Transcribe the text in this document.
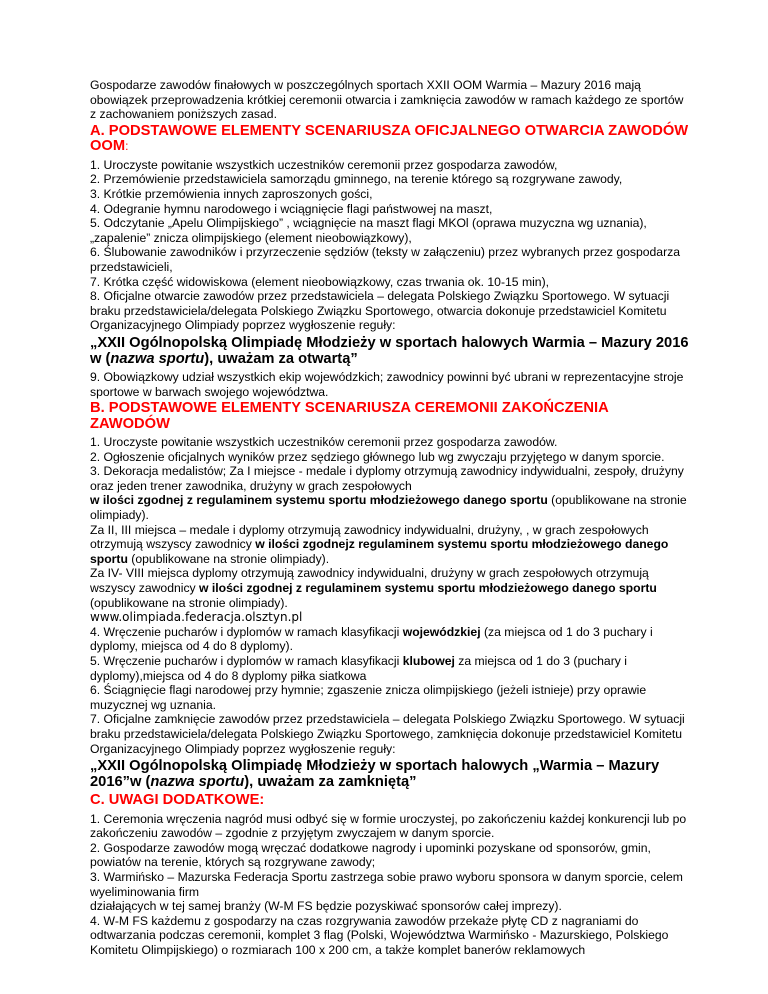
Gospodarze zawodów finałowych w poszczególnych sportach XXII OOM Warmia – Mazury 2016 mają obowiązek przeprowadzenia krótkiej ceremonii otwarcia i zamknięcia zawodów w ramach każdego ze sportów z zachowaniem poniższych zasad.

A. PODSTAWOWE ELEMENTY SCENARIUSZA OFICJALNEGO OTWARCIA ZAWODÓW OOM:

1. Uroczyste powitanie wszystkich uczestników ceremonii przez gospodarza zawodów,

2. Przemówienie przedstawiciela samorządu gminnego, na terenie którego są rozgrywane zawody,

3. Krótkie przemówienia innych zaproszonych gości,

4. Odegranie hymnu narodowego i wciągnięcie flagi państwowej na maszt,

5. Odczytanie „Apelu Olimpijskiego” , wciągnięcie na maszt flagi MKOl (oprawa muzyczna wg uznania), „zapalenie” znicza olimpijskiego (element nieobowiązkowy),

6. Ślubowanie zawodników i przyrzeczenie sędziów (teksty w załączeniu) przez wybranych przez gospodarza przedstawicieli,

7. Krótka część widowiskowa (element nieobowiązkowy, czas trwania ok. 10-15 min),

8. Oficjalne otwarcie zawodów przez przedstawiciela – delegata Polskiego Związku Sportowego. W sytuacji braku przedstawiciela/delegata Polskiego Związku Sportowego, otwarcia dokonuje przedstawiciel Komitetu Organizacyjnego Olimpiady poprzez wygłoszenie reguły:

„XXII Ogólnopolską Olimpiadę Młodzieży w sportach halowych Warmia – Mazury 2016 w (nazwa sportu), uważam za otwartą”

9. Obowiązkowy udział wszystkich ekip wojewódzkich; zawodnicy powinni być ubrani w reprezentacyjne stroje sportowe w barwach swojego województwa.

B. PODSTAWOWE ELEMENTY SCENARIUSZA CEREMONII ZAKOŃCZENIA ZAWODÓW

1. Uroczyste powitanie wszystkich uczestników ceremonii przez gospodarza zawodów.

2. Ogłoszenie oficjalnych wyników przez sędziego głównego lub wg zwyczaju przyjętego w danym sporcie.

3. Dekoracja medalistów; Za I miejsce - medale i dyplomy otrzymują zawodnicy indywidualni, zespoły, drużyny oraz jeden trener zawodnika, drużyny w grach zespołowych
w ilości zgodnej z regulaminem systemu sportu młodzieżowego danego sportu (opublikowane na stronie olimpiady).

Za II, III miejsca – medale i dyplomy otrzymują zawodnicy indywidualni, drużyny, , w grach zespołowych otrzymują wszyscy zawodnicy w ilości zgodnejz regulaminem systemu sportu młodzieżowego danego sportu (opublikowane na stronie olimpiady).

Za IV- VIII miejsca dyplomy otrzymują zawodnicy indywidualni, drużyny w grach zespołowych otrzymują wszyscy zawodnicy w ilości zgodnej z regulaminem systemu sportu młodzieżowego danego sportu (opublikowane na stronie olimpiady).

www.olimpiada.federacja.olsztyn.pl

4. Wręczenie pucharów i dyplomów w ramach klasyfikacji wojewódzkiej (za miejsca od 1 do 3 puchary i dyplomy, miejsca od 4 do 8 dyplomy).

5. Wręczenie pucharów i dyplomów w ramach klasyfikacji klubowej za miejsca od 1 do 3 (puchary i dyplomy),miejsca od 4 do 8 dyplomy piłka siatkowa

6. Ściągnięcie flagi narodowej przy hymnie; zgaszenie znicza olimpijskiego (jeżeli istnieje) przy oprawie muzycznej wg uznania.

7. Oficjalne zamknięcie zawodów przez przedstawiciela – delegata Polskiego Związku Sportowego. W sytuacji braku przedstawiciela/delegata Polskiego Związku Sportowego, zamknięcia dokonuje przedstawiciel Komitetu Organizacyjnego Olimpiady poprzez wygłoszenie reguły:

„XXII Ogólnopolską Olimpiadę Młodzieży w sportach halowych „Warmia – Mazury 2016”w (nazwa sportu), uważam za zamkniętą”

C. UWAGI DODATKOWE:

1. Ceremonia wręczenia nagród musi odbyć się w formie uroczystej, po zakończeniu każdej konkurencji lub po zakończeniu zawodów – zgodnie z przyjętym zwyczajem w danym sporcie.

2. Gospodarze zawodów mogą wręczać dodatkowe nagrody i upominki pozyskane od sponsorów, gmin, powiatów na terenie, których są rozgrywane zawody;

3. Warmińsko – Mazurska Federacja Sportu zastrzega sobie prawo wyboru sponsora w danym sporcie, celem wyeliminowania firm

działających w tej samej branży (W-M FS będzie pozyskiwać sponsorów całej imprezy).

4. W-M FS każdemu z gospodarzy na czas rozgrywania zawodów przekaże płytę CD z nagraniami do odtwarzania podczas ceremonii, komplet 3 flag (Polski, Województwa Warmińsko - Mazurskiego, Polskiego Komitetu Olimpijskiego) o rozmiarach 100 x 200 cm, a także komplet banerów reklamowych
